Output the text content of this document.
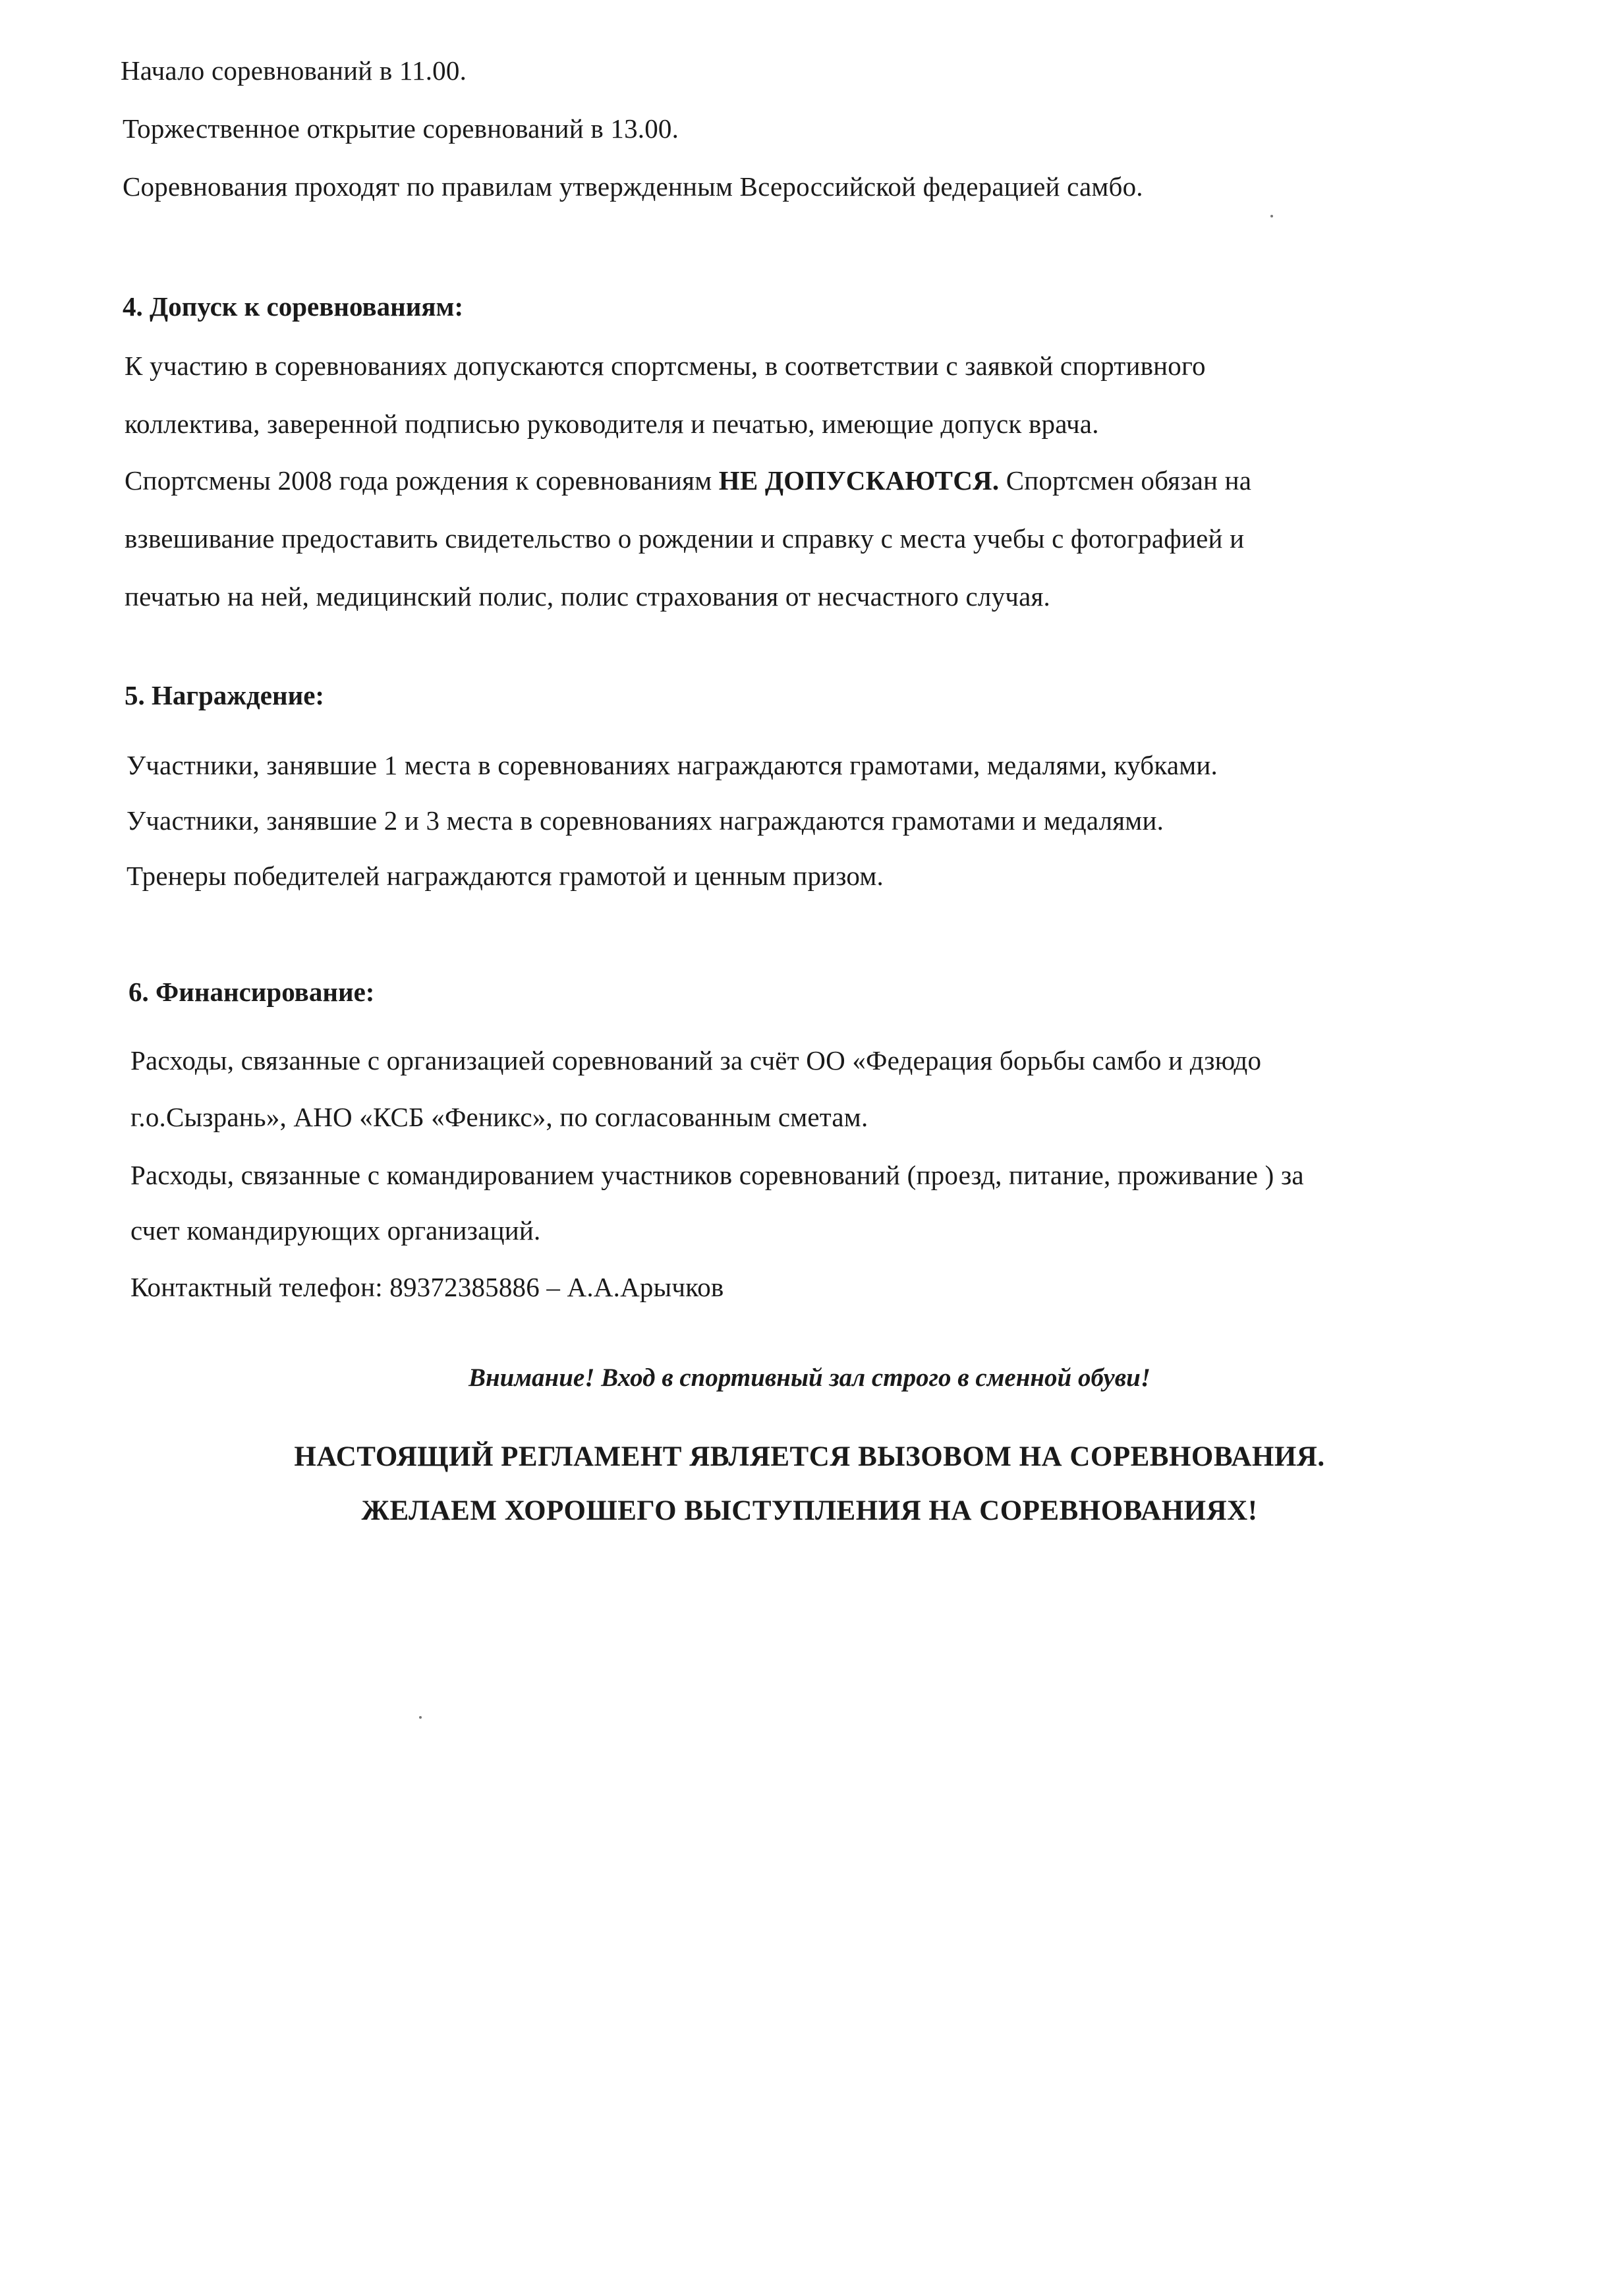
Начало соревнований в 11.00.
Торжественное открытие соревнований в 13.00.
Соревнования проходят по правилам утвержденным Всероссийской федерацией самбо.
4. Допуск к соревнованиям:
К участию в соревнованиях допускаются спортсмены, в соответствии с заявкой спортивного
коллектива, заверенной подписью руководителя и печатью, имеющие допуск врача.
Спортсмены 2008 года рождения к соревнованиям НЕ ДОПУСКАЮТСЯ. Спортсмен обязан на
взвешивание предоставить свидетельство о рождении и справку с места учебы с фотографией и
печатью на ней, медицинский полис, полис страхования от несчастного случая.
5. Награждение:
Участники, занявшие 1 места в соревнованиях награждаются грамотами, медалями, кубками.
Участники, занявшие 2 и 3 места в соревнованиях награждаются грамотами и медалями.
Тренеры победителей награждаются грамотой и ценным призом.
6. Финансирование:
Расходы, связанные с организацией соревнований за счёт ОО «Федерация борьбы самбо и дзюдо
г.о.Сызрань», АНО «КСБ «Феникс», по согласованным сметам.
Расходы, связанные с командированием участников соревнований (проезд, питание, проживание ) за
счет командирующих организаций.
Контактный телефон: 89372385886 – А.А.Арычков
Внимание! Вход в спортивный зал строго в сменной обуви!
НАСТОЯЩИЙ РЕГЛАМЕНТ ЯВЛЯЕТСЯ ВЫЗОВОМ НА СОРЕВНОВАНИЯ.
ЖЕЛАЕМ ХОРОШЕГО ВЫСТУПЛЕНИЯ НА СОРЕВНОВАНИЯХ!
